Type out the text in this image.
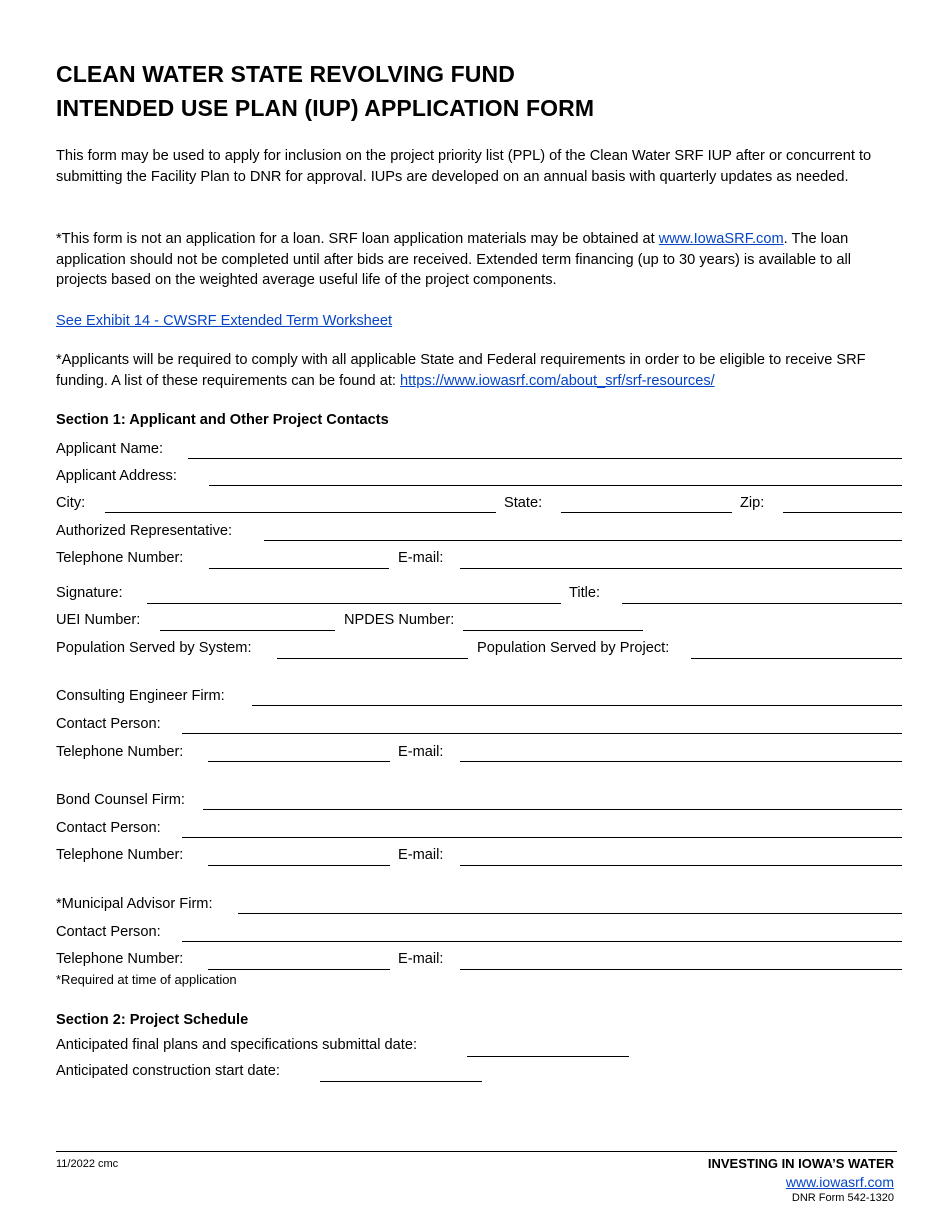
CLEAN WATER STATE REVOLVING FUND
INTENDED USE PLAN (IUP) APPLICATION FORM

This form may be used to apply for inclusion on the project priority list (PPL) of the Clean Water SRF IUP after or concurrent to submitting the Facility Plan to DNR for approval. IUPs are developed on an annual basis with quarterly updates as needed.

*This form is not an application for a loan. SRF loan application materials may be obtained at www.IowaSRF.com. The loan application should not be completed until after bids are received. Extended term financing (up to 30 years) is available to all projects based on the weighted average useful life of the project components.

See Exhibit 14 - CWSRF Extended Term Worksheet

*Applicants will be required to comply with all applicable State and Federal requirements in order to be eligible to receive SRF funding. A list of these requirements can be found at: https://www.iowasrf.com/about_srf/srf-resources/

Section 1: Applicant and Other Project Contacts
Applicant Name:
Applicant Address:
City:	State:	Zip:
Authorized Representative:
Telephone Number:	E-mail:
Signature:	Title:
UEI Number:	NPDES Number:
Population Served by System:	Population Served by Project:
Consulting Engineer Firm:
Contact Person:
Telephone Number:	E-mail:
Bond Counsel Firm:
Contact Person:
Telephone Number:	E-mail:
*Municipal Advisor Firm:
Contact Person:
Telephone Number:	E-mail:
*Required at time of application
Section 2: Project Schedule
Anticipated final plans and specifications submittal date:
Anticipated construction start date:
11/2022 cmc	INVESTING IN IOWA’S WATER
www.iowasrf.com
DNR Form 542-1320
